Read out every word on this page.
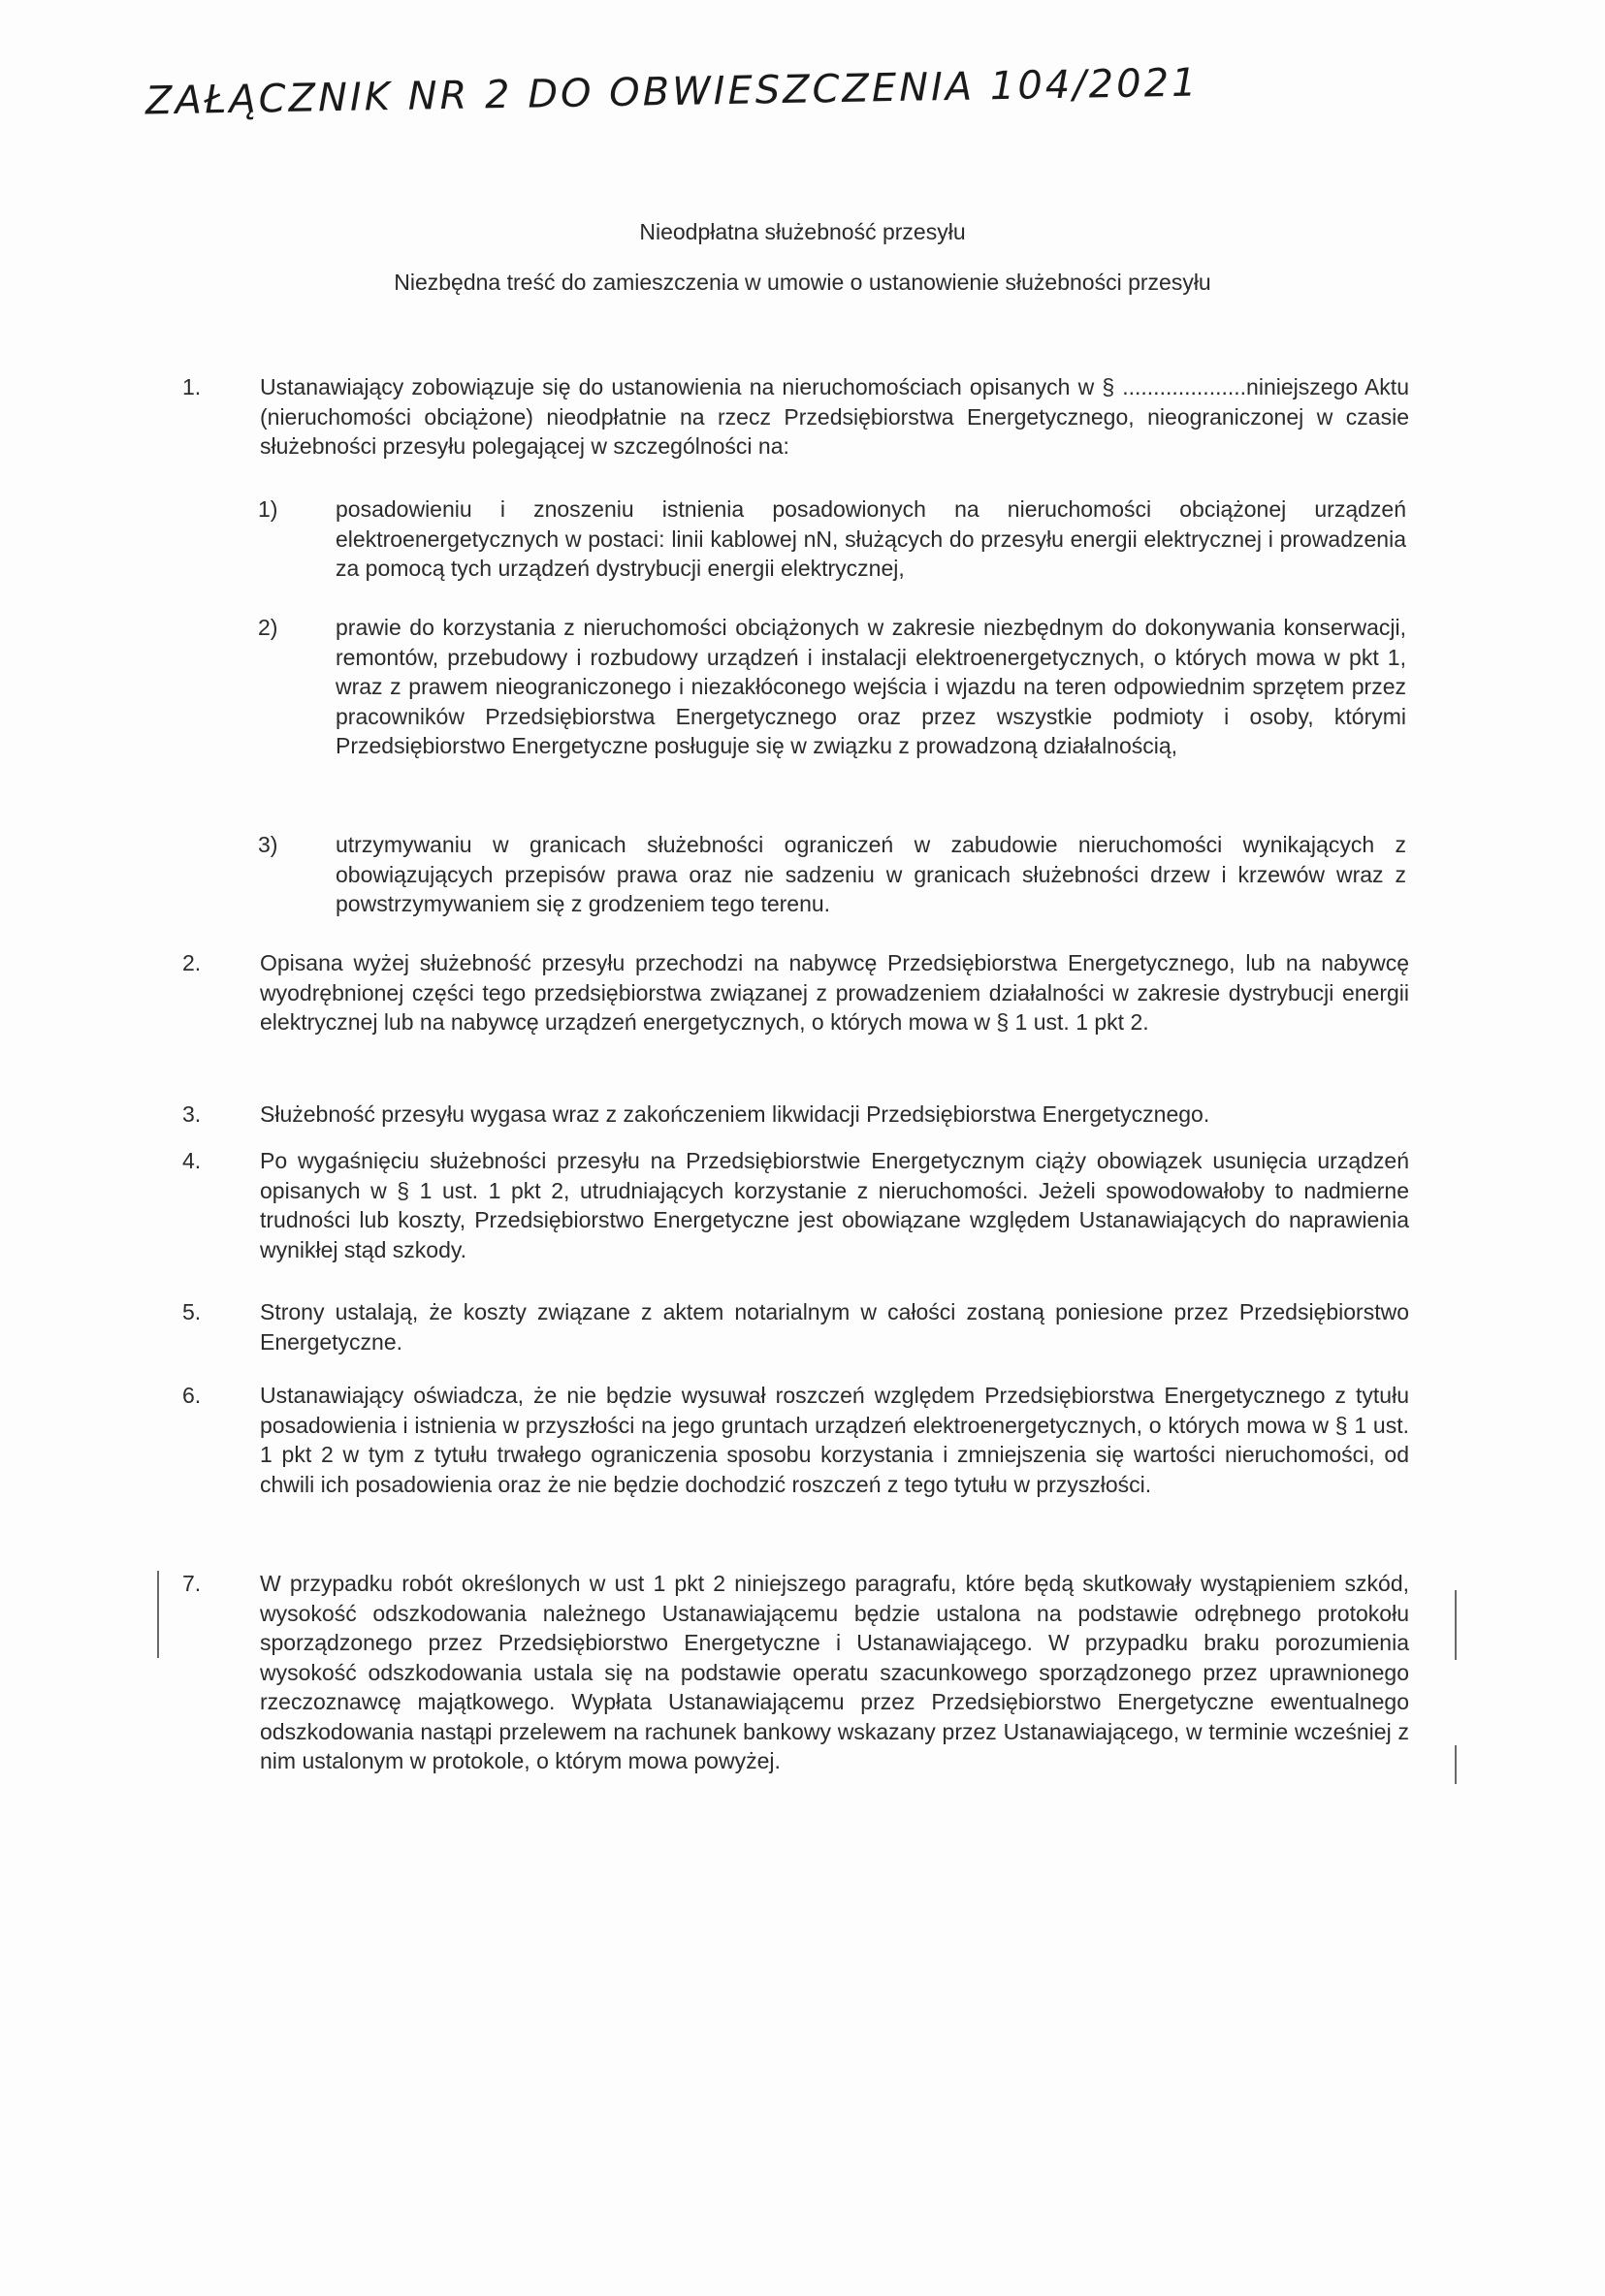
ZAŁĄCZNIK NR 2 DO OBWIESZCZENIA 104/2021
Nieodpłatna służebność przesyłu
Niezbędna treść do zamieszczenia w umowie o ustanowienie służebności przesyłu
1.	Ustanawiający zobowiązuje się do ustanowienia na nieruchomościach opisanych w § ....................niniejszego Aktu (nieruchomości obciążone) nieodpłatnie na rzecz Przedsiębiorstwa Energetycznego, nieograniczonej w czasie służebności przesyłu polegającej w szczególności na:
1)	posadowieniu i znoszeniu istnienia posadowionych na nieruchomości obciążonej urządzeń elektroenergetycznych w postaci: linii kablowej nN, służących do przesyłu energii elektrycznej i prowadzenia za pomocą tych urządzeń dystrybucji energii elektrycznej,
2)	prawie do korzystania z nieruchomości obciążonych w zakresie niezbędnym do dokonywania konserwacji, remontów, przebudowy i rozbudowy urządzeń i instalacji elektroenergetycznych, o których mowa w pkt 1, wraz z prawem nieograniczonego i niezakłóconego wejścia i wjazdu na teren odpowiednim sprzętem przez pracowników Przedsiębiorstwa Energetycznego oraz przez wszystkie podmioty i osoby, którymi Przedsiębiorstwo Energetyczne posługuje się w związku z prowadzoną działalnością,
3)	utrzymywaniu w granicach służebności ograniczeń w zabudowie nieruchomości wynikających z obowiązujących przepisów prawa oraz nie sadzeniu w granicach służebności drzew i krzewów wraz z powstrzymywaniem się z grodzeniem tego terenu.
2.	Opisana wyżej służebność przesyłu przechodzi na nabywcę Przedsiębiorstwa Energetycznego, lub na nabywcę wyodrębnionej części tego przedsiębiorstwa związanej z prowadzeniem działalności w zakresie dystrybucji energii elektrycznej lub na nabywcę urządzeń energetycznych, o których mowa w § 1 ust. 1 pkt 2.
3.	Służebność przesyłu wygasa wraz z zakończeniem likwidacji Przedsiębiorstwa Energetycznego.
4.	Po wygaśnięciu służebności przesyłu na Przedsiębiorstwie Energetycznym ciąży obowiązek usunięcia urządzeń opisanych w § 1 ust. 1 pkt 2, utrudniających korzystanie z nieruchomości. Jeżeli spowodowałoby to nadmierne trudności lub koszty, Przedsiębiorstwo Energetyczne jest obowiązane względem Ustanawiających do naprawienia wynikłej stąd szkody.
5.	Strony ustalają, że koszty związane z aktem notarialnym w całości zostaną poniesione przez Przedsiębiorstwo Energetyczne.
6.	Ustanawiający oświadcza, że nie będzie wysuwał roszczeń względem Przedsiębiorstwa Energetycznego z tytułu posadowienia i istnienia w przyszłości na jego gruntach urządzeń elektroenergetycznych, o których mowa w § 1 ust. 1 pkt 2 w tym z tytułu trwałego ograniczenia sposobu korzystania i zmniejszenia się wartości nieruchomości, od chwili ich posadowienia oraz że nie będzie dochodzić roszczeń z tego tytułu w przyszłości.
7.	W przypadku robót określonych w ust 1 pkt 2 niniejszego paragrafu, które będą skutkowały wystąpieniem szkód, wysokość odszkodowania należnego Ustanawiającemu będzie ustalona na podstawie odrębnego protokołu sporządzonego przez Przedsiębiorstwo Energetyczne i Ustanawiającego. W przypadku braku porozumienia wysokość odszkodowania ustala się na podstawie operatu szacunkowego sporządzonego przez uprawnionego rzeczoznawcę majątkowego. Wypłata Ustanawiającemu przez Przedsiębiorstwo Energetyczne ewentualnego odszkodowania nastąpi przelewem na rachunek bankowy wskazany przez Ustanawiającego, w terminie wcześniej z nim ustalonym w protokole, o którym mowa powyżej.
